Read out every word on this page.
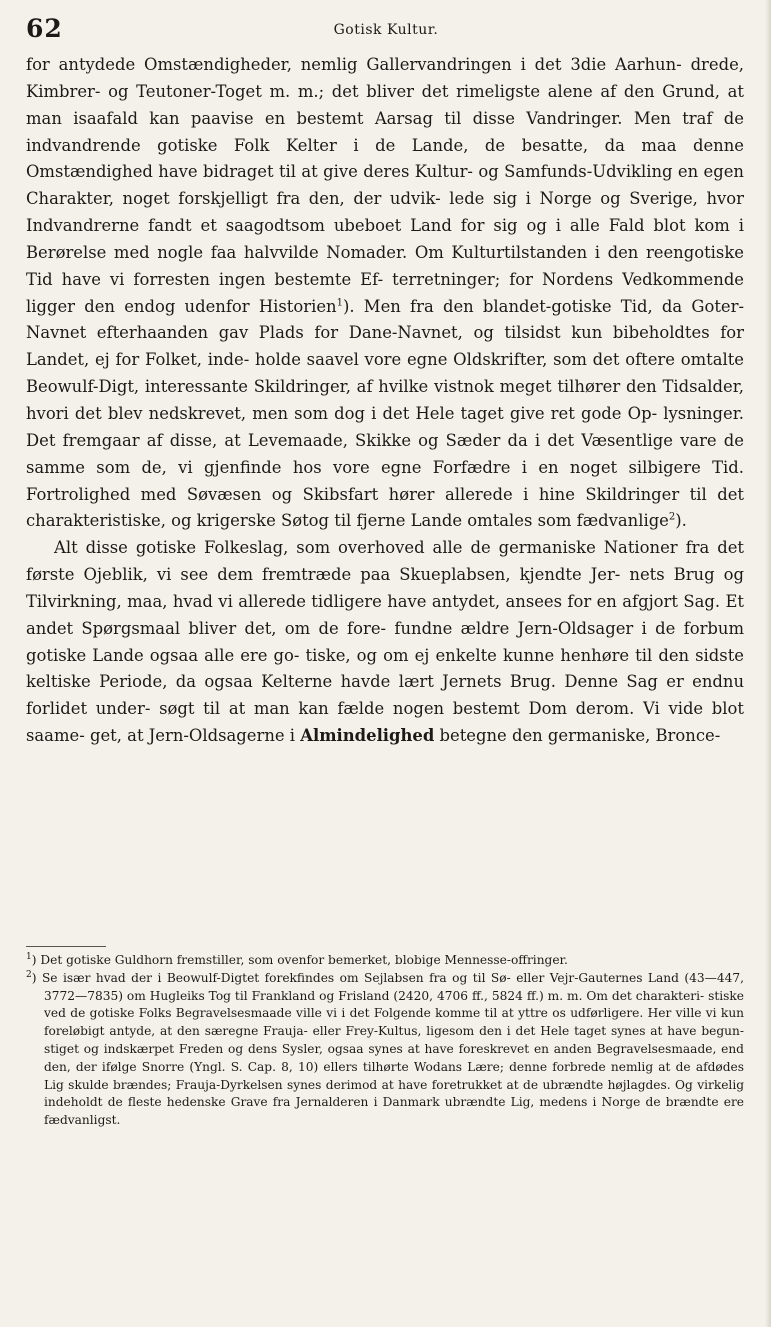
62	Gotisk Kultur.

for antydede Omstændigheder, nemlig Gallervandringen i det 3die Aarhun- drede, Kimbrer- og Teutoner-Toget m. m.; det bliver det rimeligste alene af den Grund, at man isaafald kan paavise en bestemt Aarsag til disse Vandringer. Men traf de indvandrende gotiske Folk Kelter i de Lande, de besatte, da maa denne Omstændighed have bidraget til at give deres Kultur- og Samfunds-Udvikling en egen Charakter, noget forskjelligt fra den, der udvik- lede sig i Norge og Sverige, hvor Indvandrerne fandt et saagodtsom ubeboet Land for sig og i alle Fald blot kom i Berørelse med nogle faa halvvilde Nomader. Om Kulturtilstanden i den reengotiske Tid have vi forresten ingen bestemte Ef- terretninger; for Nordens Vedkommende ligger den endog udenfor Historien$^1$). Men fra den blandet-gotiske Tid, da Goter-Navnet efterhaanden gav Plads for Dane-Navnet, og tilsidst kun bibeholdtes for Landet, ej for Folket, inde- holde saavel vore egne Oldskrifter, som det oftere omtalte Beowulf-Digt, interessante Skildringer, af hvilke vistnok meget tilhører den Tidsalder, hvori det blev nedskrevet, men som dog i det Hele taget give ret gode Op- lysninger. Det fremgaar af disse, at Levemaade, Skikke og Sæder da i det Væsentlige vare de samme som de, vi gjenfinde hos vore egne Forfædre i en noget silbigere Tid. Fortrolighed med Søvæsen og Skibsfart hører allerede i hine Skildringer til det charakteristiske, og krigerske Søtog til fjerne Lande omtales som fædvanlige$^2$).

Alt disse gotiske Folkeslag, som overhoved alle de germaniske Nationer fra det første Ojeblik, vi see dem fremtræde paa Skueplabsen, kjendte Jer- nets Brug og Tilvirkning, maa, hvad vi allerede tidligere have antydet, ansees for en afgjort Sag. Et andet Spørgsmaal bliver det, om de fore- fundne ældre Jern-Oldsager i de forbum gotiske Lande ogsaa alle ere go- tiske, og om ej enkelte kunne henhøre til den sidste keltiske Periode, da ogsaa Kelterne havde lært Jernets Brug. Denne Sag er endnu forlidet under- søgt til at man kan fælde nogen bestemt Dom derom. Vi vide blot saame- get, at Jern-Oldsagerne i Almindelighed betegne den germaniske, Bronce-

$^1$) Det gotiske Guldhorn fremstiller, som ovenfor bemerket, blobige Mennesse-offringer.

$^2$) Se især hvad der i Beowulf-Digtet forekfindes om Sejlabsen fra og til Sø- eller Vejr-Gauternes Land (43—447, 3772—7835) om Hugleiks Tog til Frankland og Frisland (2420, 4706 ff., 5824 ff.) m. m. Om det charakteri- stiske ved de gotiske Folks Begravelsesmaade ville vi i det Folgende komme til at yttre os udførligere. Her ville vi kun foreløbigt antyde, at den særegne Frauja- eller Frey-Kultus, ligesom den i det Hele taget synes at have begun- stiget og indskærpet Freden og dens Sysler, ogsaa synes at have foreskrevet en anden Begravelsesmaade, end den, der ifølge Snorre (Yngl. S. Cap. 8, 10) ellers tilhørte Wodans Lære; denne forbrede nemlig at de afdødes Lig skulde brændes; Frauja-Dyrkelsen synes derimod at have foretrukket at de ubrændte højlagdes. Og virkelig indeholdt de fleste hedenske Grave fra Jernalderen i Danmark ubrændte Lig, medens i Norge de brændte ere fædvanligst.
